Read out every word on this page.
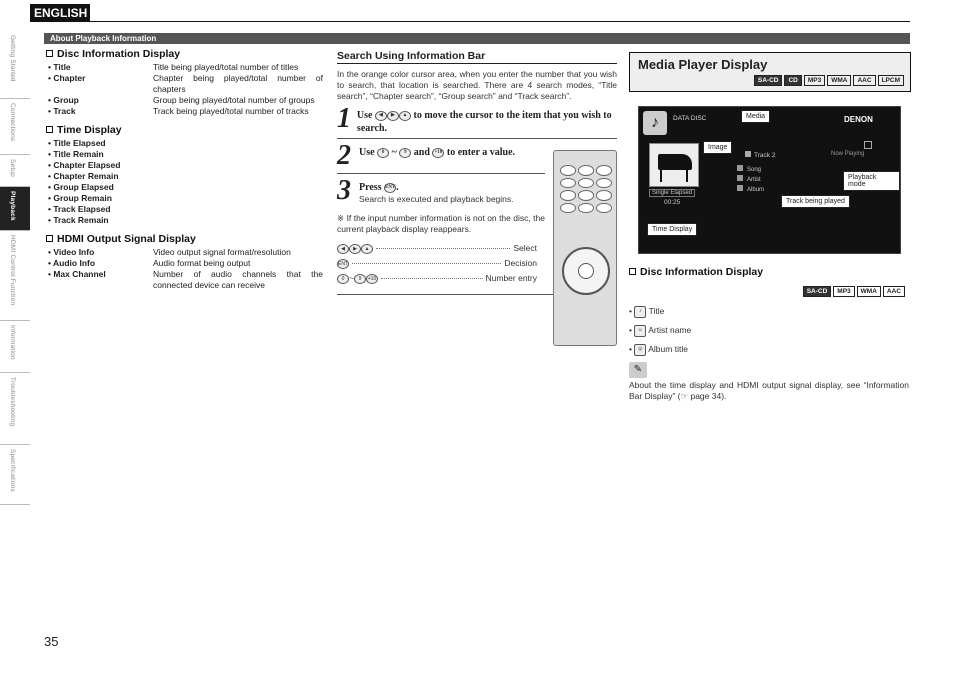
ENGLISH
Getting Started
Connections
Setup
Playback
HDMI Control Function
Information
Troubleshooting
Specifications
About Playback Information
Disc Information Display
• Title	Title being played/total number of titles
• Chapter	Chapter being played/total number of chapters
• Group	Group being played/total number of groups
• Track	Track being played/total number of tracks
Time Display
• Title Elapsed
• Title Remain
• Chapter Elapsed
• Chapter Remain
• Group Elapsed
• Group Remain
• Track Elapsed
• Track Remain
HDMI Output Signal Display
• Video Info	Video output signal format/resolution
• Audio Info	Audio format being output
• Max Channel	Number of audio channels that the connected device can receive
Search Using Information Bar
In the orange color cursor area, when you enter the number that you wish to search, that location is searched. There are 4 search modes, “Title search”, “Chapter search”, “Group search” and “Track search”.
1 Use ◀ ▶ ▲ to move the cursor to the item that you wish to search.
2 Use 0 ~ 9 and +10 to enter a value.
3 Press ENT.
Search is executed and playback begins.
※ If the input number information is not on the disc, the current playback display reappears.
◀	▶	▲	Select
ENT	Decision
0 ~ 9	+10	Number entry
Media Player Display
SA-CD CD MP3 WMA AAC LPCM
♪	DATA DISC	DENON
Single Elapsed
00:25
Track 2	Now Playing
Song
Artist
Album
Media
Image
Playback mode
Track being played
Time Display
Disc Information Display
SA-CD MP3 WMA AAC
• ♪ Title
• ☺ Artist name
• ◎ Album title
✎
About the time display and HDMI output signal display, see “Information Bar Display” (☞ page 34).
35
